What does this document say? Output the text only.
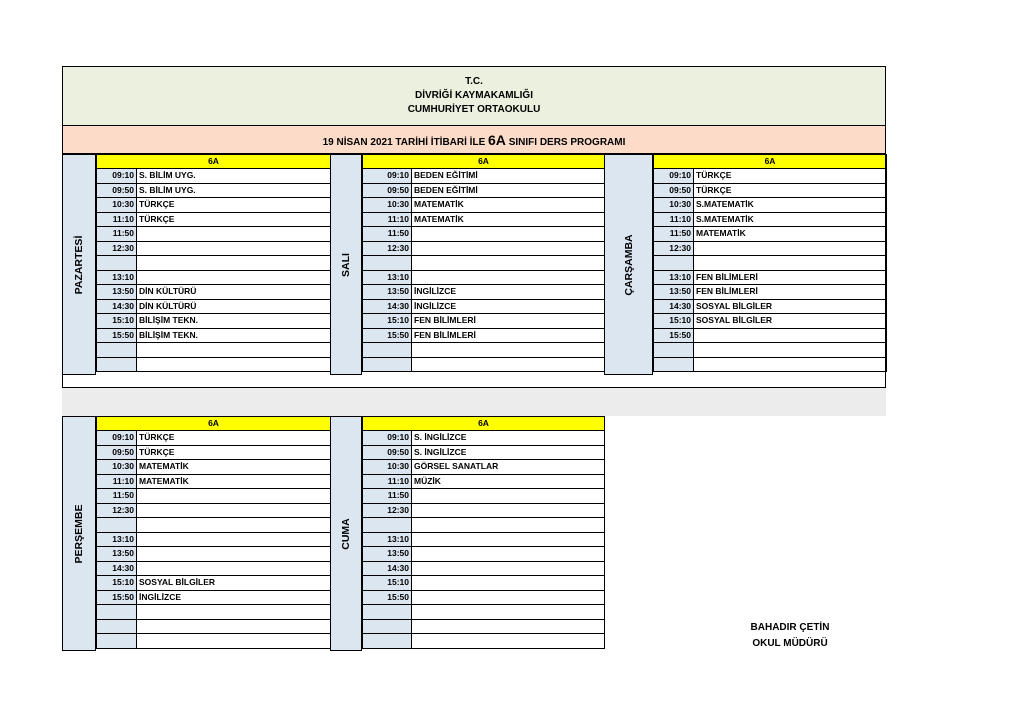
T.C.
DİVRİĞİ KAYMAKAMLIĞI
CUMHURİYET ORTAOKULU
19 NİSAN 2021 TARİHİ İTİBARİ İLE 6A SINIFI DERS PROGRAMI
PAZARTESİ
6A	
09:10	S. BİLİM UYG.
09:50	S. BİLİM UYG.
10:30	TÜRKÇE
11:10	TÜRKÇE
11:50	
12:30	

13:10	
13:50	DİN KÜLTÜRÜ
14:30	DİN KÜLTÜRÜ
15:10	BİLİŞİM TEKN.
15:50	BİLİŞİM TEKN.

SALI
6A	
09:10	BEDEN EĞİTİMİ
09:50	BEDEN EĞİTİMİ
10:30	MATEMATİK
11:10	MATEMATİK
11:50	
12:30	

13:10	
13:50	İNGİLİZCE
14:30	İNGİLİZCE
15:10	FEN BİLİMLERİ
15:50	FEN BİLİMLERİ

ÇARŞAMBA
6A	
09:10	TÜRKÇE
09:50	TÜRKÇE
10:30	S.MATEMATİK
11:10	S.MATEMATİK
11:50	MATEMATİK
12:30	

13:10	FEN BİLİMLERİ
13:50	FEN BİLİMLERİ
14:30	SOSYAL BİLGİLER
15:10	SOSYAL BİLGİLER
15:50	

PERŞEMBE
6A	
09:10	TÜRKÇE
09:50	TÜRKÇE
10:30	MATEMATİK
11:10	MATEMATİK
11:50	
12:30	

13:10	
13:50	
14:30	
15:10	SOSYAL BİLGİLER
15:50	İNGİLİZCE

CUMA
6A	
09:10	S. İNGİLİZCE
09:50	S. İNGİLİZCE
10:30	GÖRSEL SANATLAR
11:10	MÜZİK
11:50	
12:30	

13:10	
13:50	
14:30	
15:10	
15:50	

BAHADIR ÇETİN
OKUL MÜDÜRÜ
